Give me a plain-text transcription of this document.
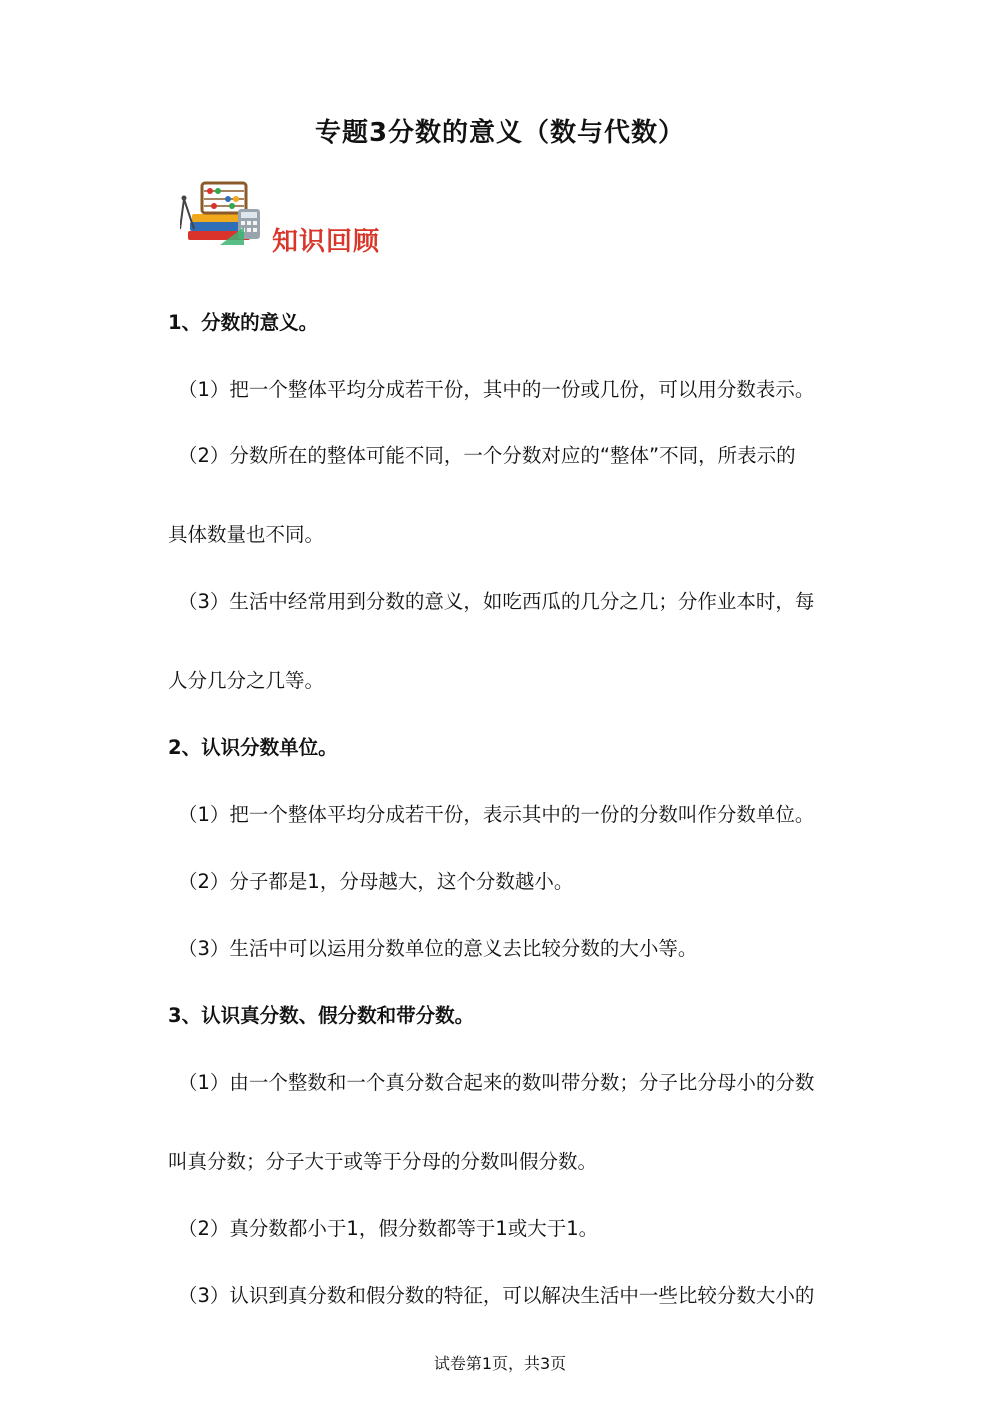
专题3分数的意义（数与代数）
知识回顾
1、分数的意义。
（1）把一个整体平均分成若干份，其中的一份或几份，可以用分数表示。
（2）分数所在的整体可能不同，一个分数对应的“整体”不同，所表示的
具体数量也不同。
（3）生活中经常用到分数的意义，如吃西瓜的几分之几；分作业本时，每
人分几分之几等。
2、认识分数单位。
（1）把一个整体平均分成若干份，表示其中的一份的分数叫作分数单位。
（2）分子都是1，分母越大，这个分数越小。
（3）生活中可以运用分数单位的意义去比较分数的大小等。
3、认识真分数、假分数和带分数。
（1）由一个整数和一个真分数合起来的数叫带分数；分子比分母小的分数
叫真分数；分子大于或等于分母的分数叫假分数。
（2）真分数都小于1，假分数都等于1或大于1。
（3）认识到真分数和假分数的特征，可以解决生活中一些比较分数大小的
试卷第1页，共3页
